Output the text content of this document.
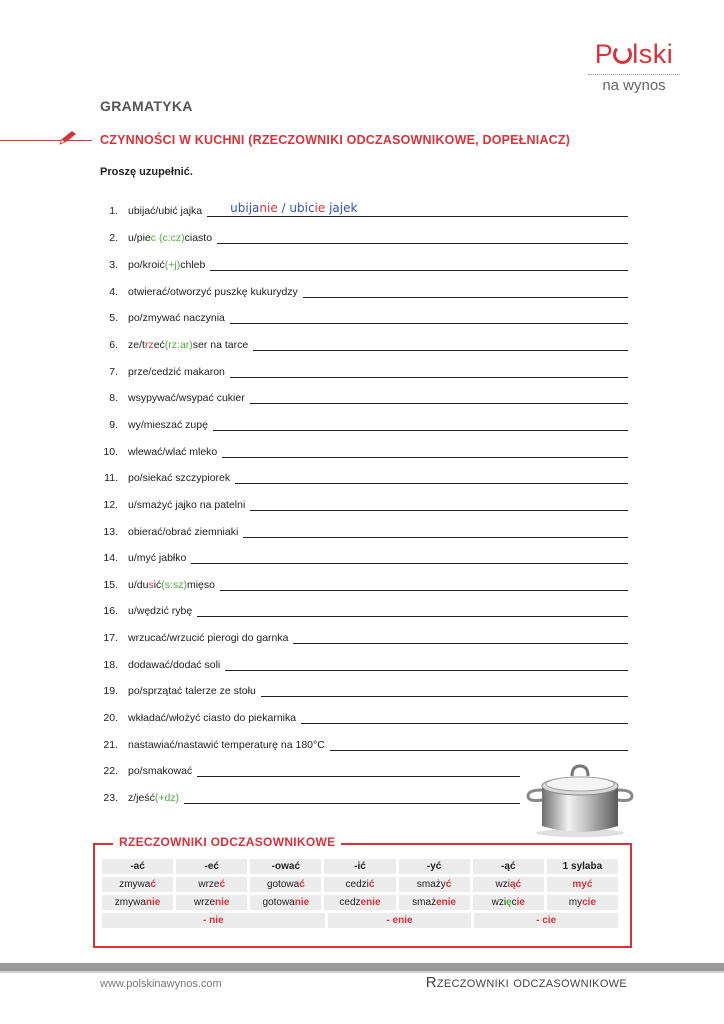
P lski
na wynos
GRAMATYKA
CZYNNOŚCI W KUCHNI (RZECZOWNIKI ODCZASOWNIKOWE, DOPEŁNIACZ)
Proszę uzupełnić.
1. ubijać/ubić jajka ubijanie / ubicie jajek
2. u/pie c (c:cz) ciasto
3. po/kroić (+j) chleb
4. otwierać/otworzyć puszkę kukurydzy
5. po/zmywać naczynia
6. ze/t rz eć (rz:ar) ser na tarce
7. prze/cedzić makaron
8. wsypywać/wsypać cukier
9. wy/mieszać zupę
10. wlewać/wlać mleko
11. po/siekać szczypiorek
12. u/smażyć jajko na patelni
13. obierać/obrać ziemniaki
14. u/myć jabłko
15. u/du s ić (s:sz) mięso
16. u/wędzić rybę
17. wrzucać/wrzucić pierogi do garnka
18. dodawać/dodać soli
19. po/sprzątać talerze ze stołu
20. wkładać/włożyć ciasto do piekarnika
21. nastawiać/nastawić temperaturę na 180°C
22. po/smakować
23. z/jeść (+dz)
RZECZOWNIKI ODCZASOWNIKOWE
-ać	-eć	-ować	-ić	-yć	-ąć	1 sylaba
zmywa ć	wrze ć	gotowa ć	cedzi ć	smaży ć	wzi ąć	my ć
zmywa nie	wrze nie	gotowa nie	cedz enie	smaż enie	wzi ę c ie	my cie
- nie	- enie	- cie
www.polskinawynos.com	Rzeczowniki odczasownikowe
